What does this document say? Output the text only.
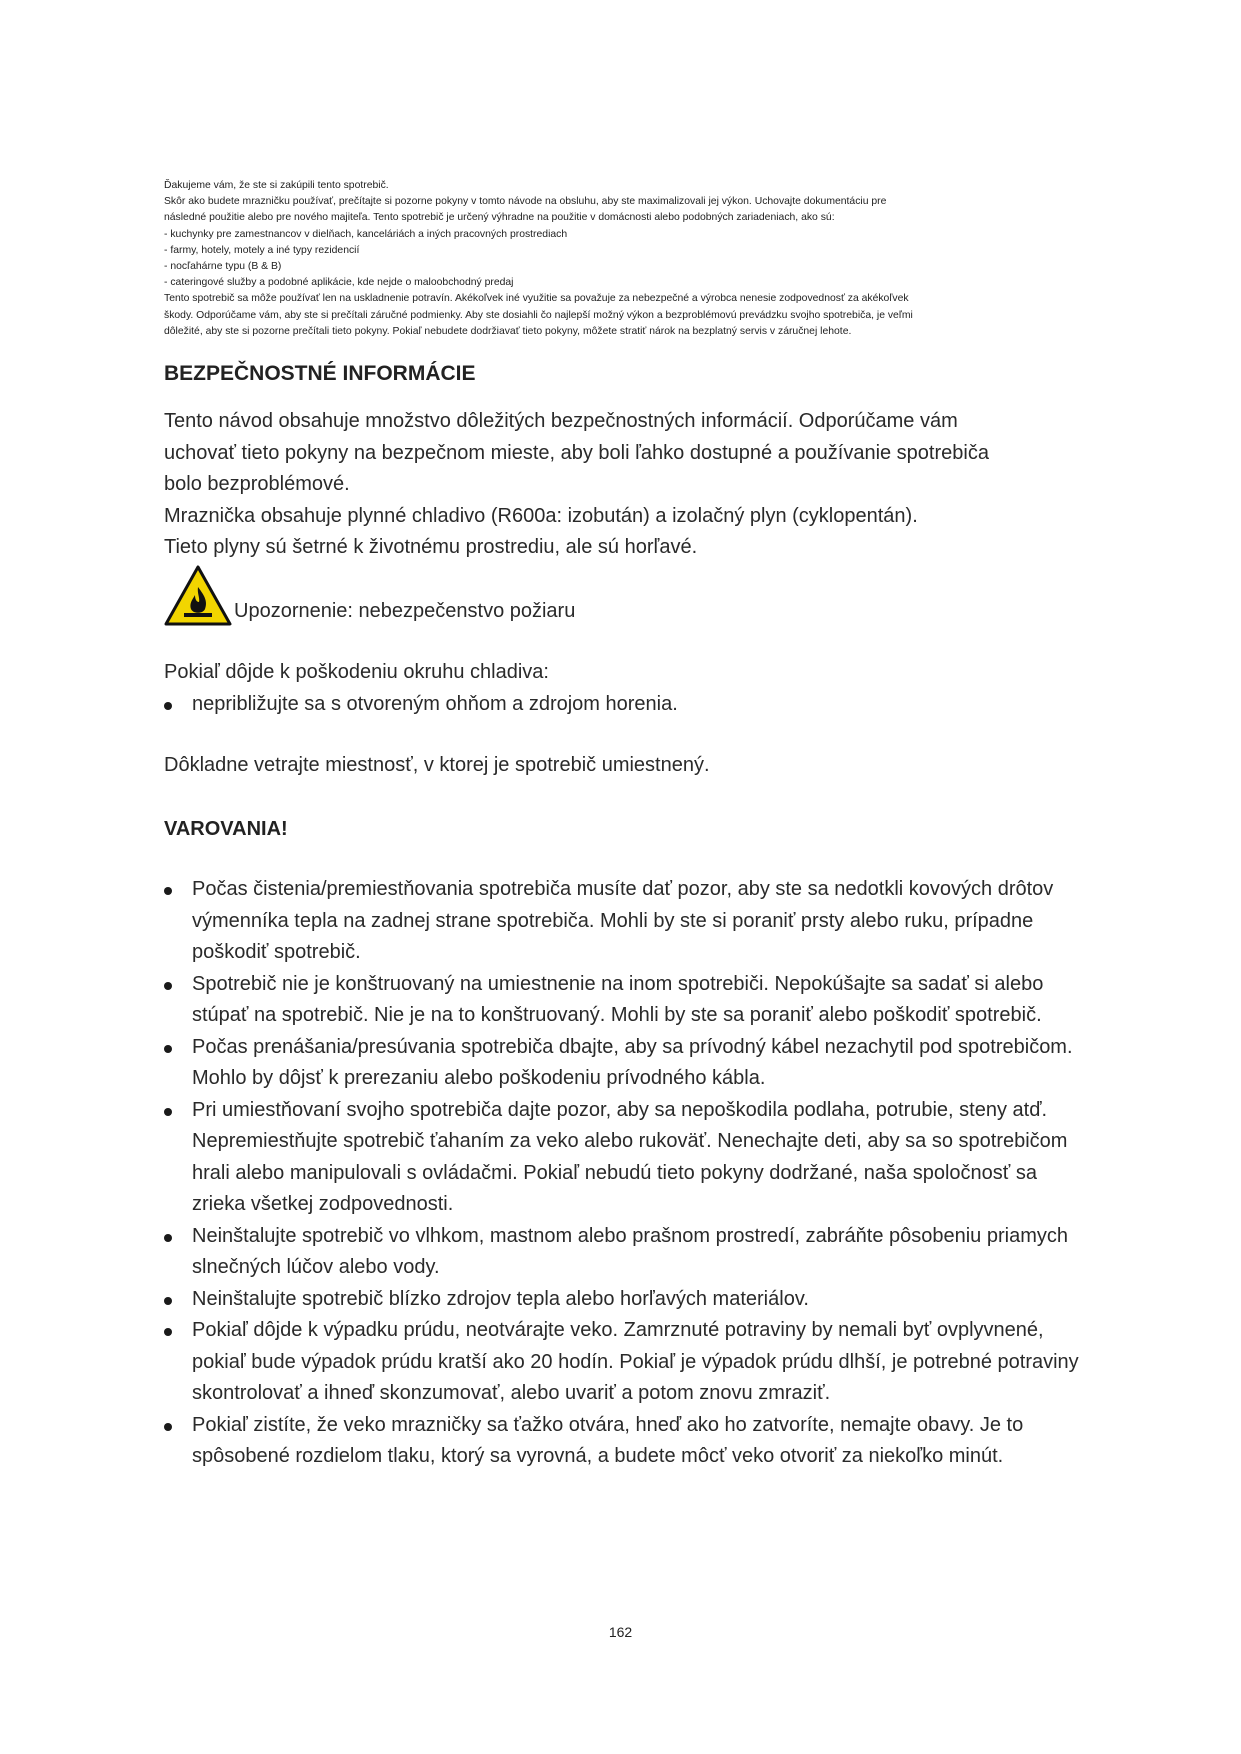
Ďakujeme vám, že ste si zakúpili tento spotrebič.

Skôr ako budete mrazničku používať, prečítajte si pozorne pokyny v tomto návode na obsluhu, aby ste maximalizovali jej výkon. Uchovajte dokumentáciu pre

následné použitie alebo pre nového majiteľa. Tento spotrebič je určený výhradne na použitie v domácnosti alebo podobných zariadeniach, ako sú:

- kuchynky pre zamestnancov v dielňach, kanceláriách a iných pracovných prostrediach

- farmy, hotely, motely a iné typy rezidencií

- nocľahárne typu (B & B)

- cateringové služby a podobné aplikácie, kde nejde o maloobchodný predaj

Tento spotrebič sa môže používať len na uskladnenie potravín. Akékoľvek iné využitie sa považuje za nebezpečné a výrobca nenesie zodpovednosť za akékoľvek

škody. Odporúčame vám, aby ste si prečítali záručné podmienky. Aby ste dosiahli čo najlepší možný výkon a bezproblémovú prevádzku svojho spotrebiča, je veľmi

dôležité, aby ste si pozorne prečítali tieto pokyny. Pokiaľ nebudete dodržiavať tieto pokyny, môžete stratiť nárok na bezplatný servis v záručnej lehote.

BEZPEČNOSTNÉ INFORMÁCIE

Tento návod obsahuje množstvo dôležitých bezpečnostných informácií. Odporúčame vám

uchovať tieto pokyny na bezpečnom mieste, aby boli ľahko dostupné a používanie spotrebiča

bolo bezproblémové.

Mraznička obsahuje plynné chladivo (R600a: izobután) a izolačný plyn (cyklopentán).

Tieto plyny sú šetrné k životnému prostrediu, ale sú horľavé.

Upozornenie: nebezpečenstvo požiaru

Pokiaľ dôjde k poškodeniu okruhu chladiva:

nepribližujte sa s otvoreným ohňom a zdrojom horenia.

Dôkladne vetrajte miestnosť, v ktorej je spotrebič umiestnený.

VAROVANIA!
Počas čistenia/premiestňovania spotrebiča musíte dať pozor, aby ste sa nedotkli kovových drôtov výmenníka tepla na zadnej strane spotrebiča. Mohli by ste si poraniť prsty alebo ruku, prípadne poškodiť spotrebič.
Spotrebič nie je konštruovaný na umiestnenie na inom spotrebiči. Nepokúšajte sa sadať si alebo stúpať na spotrebič. Nie je na to konštruovaný. Mohli by ste sa poraniť alebo poškodiť spotrebič.
Počas prenášania/presúvania spotrebiča dbajte, aby sa prívodný kábel nezachytil pod spotrebičom. Mohlo by dôjsť k prerezaniu alebo poškodeniu prívodného kábla.
Pri umiestňovaní svojho spotrebiča dajte pozor, aby sa nepoškodila podlaha, potrubie, steny atď. Nepremiestňujte spotrebič ťahaním za veko alebo rukoväť. Nenechajte deti, aby sa so spotrebičom hrali alebo manipulovali s ovládačmi. Pokiaľ nebudú tieto pokyny dodržané, naša spoločnosť sa zrieka všetkej zodpovednosti.
Neinštalujte spotrebič vo vlhkom, mastnom alebo prašnom prostredí, zabráňte pôsobeniu priamych slnečných lúčov alebo vody.
Neinštalujte spotrebič blízko zdrojov tepla alebo horľavých materiálov.
Pokiaľ dôjde k výpadku prúdu, neotvárajte veko. Zamrznuté potraviny by nemali byť ovplyvnené, pokiaľ bude výpadok prúdu kratší ako 20 hodín. Pokiaľ je výpadok prúdu dlhší, je potrebné potraviny skontrolovať a ihneď skonzumovať, alebo uvariť a potom znovu zmraziť.
Pokiaľ zistíte, že veko mrazničky sa ťažko otvára, hneď ako ho zatvoríte, nemajte obavy. Je to spôsobené rozdielom tlaku, ktorý sa vyrovná, a budete môcť veko otvoriť za niekoľko minút.
162
